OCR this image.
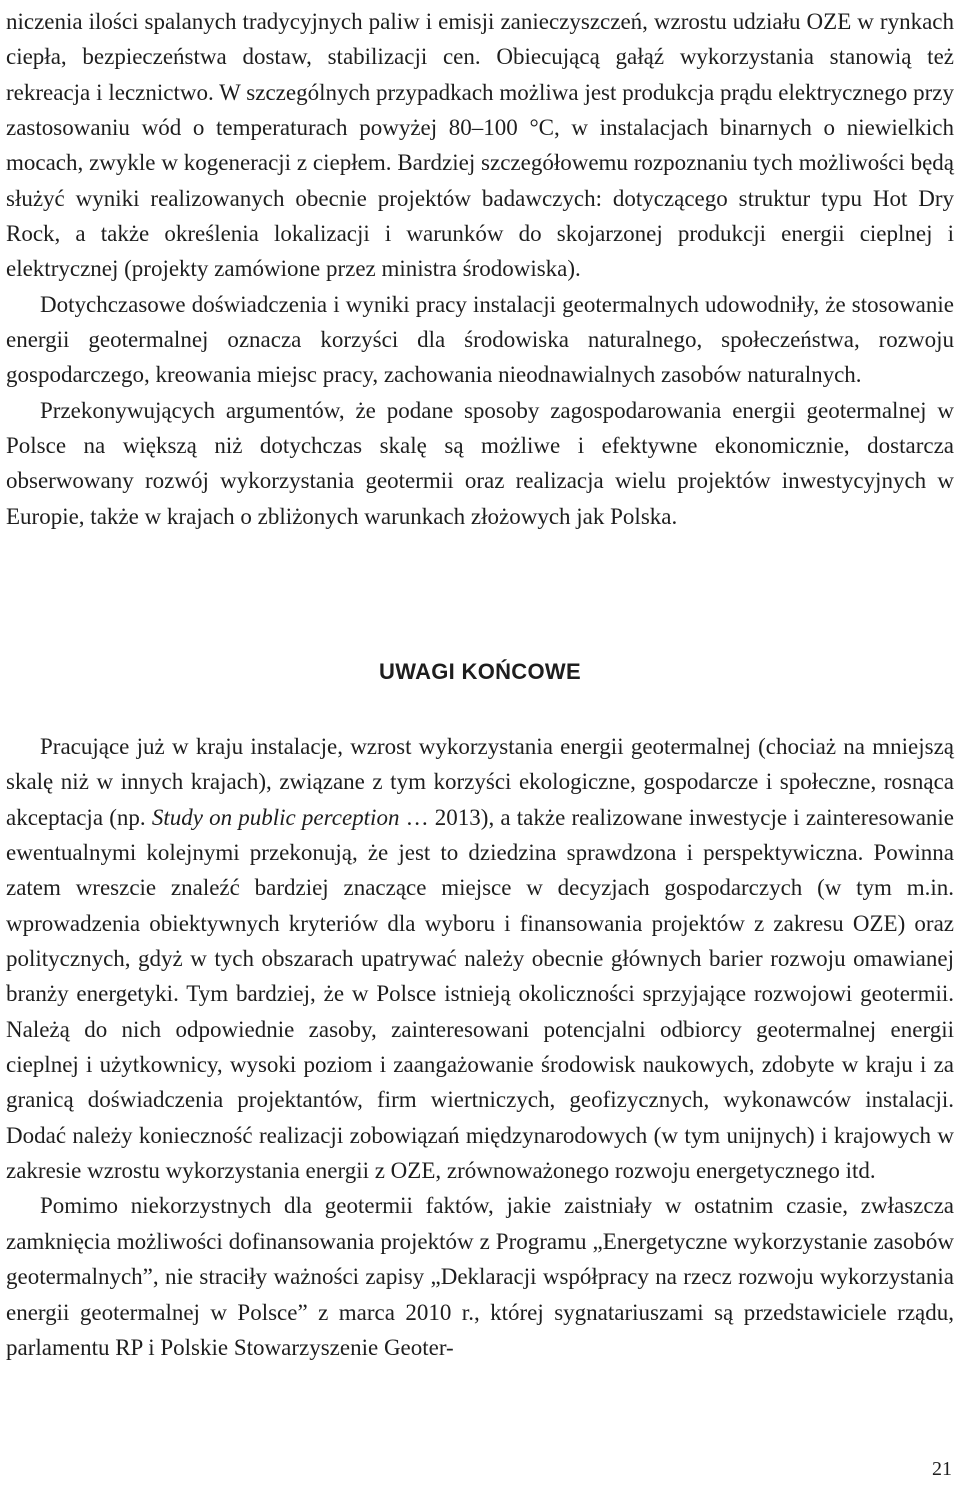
niczenia ilości spalanych tradycyjnych paliw i emisji zanieczyszczeń, wzrostu udziału OZE w rynkach ciepła, bezpieczeństwa dostaw, stabilizacji cen. Obiecującą gałąź wykorzystania stanowią też rekreacja i lecznictwo. W szczególnych przypadkach możliwa jest produkcja prądu elektrycznego przy zastosowaniu wód o temperaturach powyżej 80–100 °C, w instalacjach binarnych o niewielkich mocach, zwykle w kogeneracji z ciepłem. Bardziej szczegółowemu rozpoznaniu tych możliwości będą służyć wyniki realizowanych obecnie projektów badawczych: dotyczącego struktur typu Hot Dry Rock, a także określenia lokalizacji i warunków do skojarzonej produkcji energii cieplnej i elektrycznej (projekty zamówione przez ministra środowiska).

Dotychczasowe doświadczenia i wyniki pracy instalacji geotermalnych udowodniły, że stosowanie energii geotermalnej oznacza korzyści dla środowiska naturalnego, społeczeństwa, rozwoju gospodarczego, kreowania miejsc pracy, zachowania nieodnawialnych zasobów naturalnych.

Przekonywujących argumentów, że podane sposoby zagospodarowania energii geotermalnej w Polsce na większą niż dotychczas skalę są możliwe i efektywne ekonomicznie, dostarcza obserwowany rozwój wykorzystania geotermii oraz realizacja wielu projektów inwestycyjnych w Europie, także w krajach o zbliżonych warunkach złożowych jak Polska.

UWAGI KOŃCOWE

Pracujące już w kraju instalacje, wzrost wykorzystania energii geotermalnej (chociaż na mniejszą skalę niż w innych krajach), związane z tym korzyści ekologiczne, gospodarcze i społeczne, rosnąca akceptacja (np. Study on public perception … 2013), a także realizowane inwestycje i zainteresowanie ewentualnymi kolejnymi przekonują, że jest to dziedzina sprawdzona i perspektywiczna. Powinna zatem wreszcie znaleźć bardziej znaczące miejsce w decyzjach gospodarczych (w tym m.in. wprowadzenia obiektywnych kryteriów dla wyboru i finansowania projektów z zakresu OZE) oraz politycznych, gdyż w tych obszarach upatrywać należy obecnie głównych barier rozwoju omawianej branży energetyki. Tym bardziej, że w Polsce istnieją okoliczności sprzyjające rozwojowi geotermii. Należą do nich odpowiednie zasoby, zainteresowani potencjalni odbiorcy geotermalnej energii cieplnej i użytkownicy, wysoki poziom i zaangażowanie środowisk naukowych, zdobyte w kraju i za granicą doświadczenia projektantów, firm wiertniczych, geofizycznych, wykonawców instalacji. Dodać należy konieczność realizacji zobowiązań międzynarodowych (w tym unijnych) i krajowych w zakresie wzrostu wykorzystania energii z OZE, zrównoważonego rozwoju energetycznego itd.

Pomimo niekorzystnych dla geotermii faktów, jakie zaistniały w ostatnim czasie, zwłaszcza zamknięcia możliwości dofinansowania projektów z Programu „Energetyczne wykorzystanie zasobów geotermalnych”, nie straciły ważności zapisy „Deklaracji współpracy na rzecz rozwoju wykorzystania energii geotermalnej w Polsce” z marca 2010 r., której sygnatariuszami są przedstawiciele rządu, parlamentu RP i Polskie Stowarzyszenie Geoter-

21
